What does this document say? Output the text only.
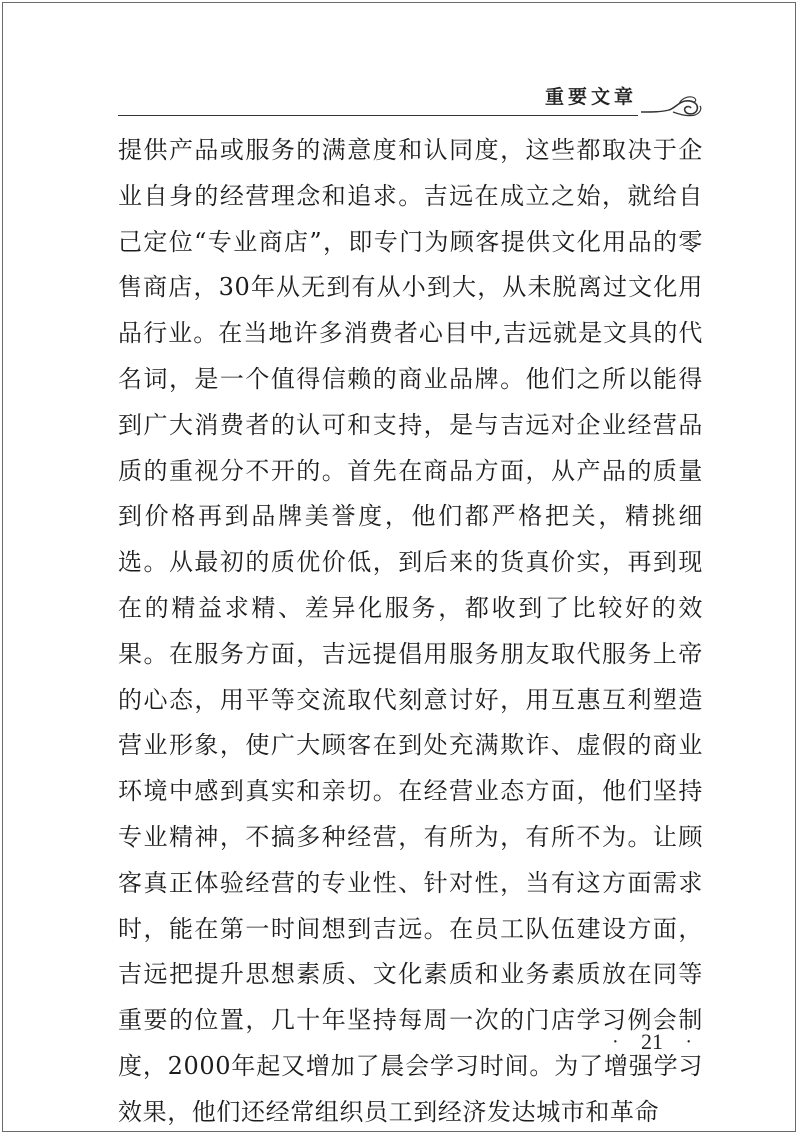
重要文章

提供产品或服务的满意度和认同度，这些都取决于企业自身的经营理念和追求。吉远在成立之始，就给自己定位“专业商店”，即专门为顾客提供文化用品的零售商店，30年从无到有从小到大，从未脱离过文化用品行业。在当地许多消费者心目中,吉远就是文具的代名词，是一个值得信赖的商业品牌。他们之所以能得到广大消费者的认可和支持，是与吉远对企业经营品质的重视分不开的。首先在商品方面，从产品的质量到价格再到品牌美誉度，他们都严格把关，精挑细选。从最初的质优价低，到后来的货真价实，再到现在的精益求精、差异化服务，都收到了比较好的效果。在服务方面，吉远提倡用服务朋友取代服务上帝的心态，用平等交流取代刻意讨好，用互惠互利塑造营业形象，使广大顾客在到处充满欺诈、虚假的商业环境中感到真实和亲切。在经营业态方面，他们坚持专业精神，不搞多种经营，有所为，有所不为。让顾客真正体验经营的专业性、针对性，当有这方面需求时，能在第一时间想到吉远。在员工队伍建设方面，吉远把提升思想素质、文化素质和业务素质放在同等重要的位置，几十年坚持每周一次的门店学习例会制度，2000年起又增加了晨会学习时间。为了增强学习效果，他们还经常组织员工到经济发达城市和革命

· 21 ·
